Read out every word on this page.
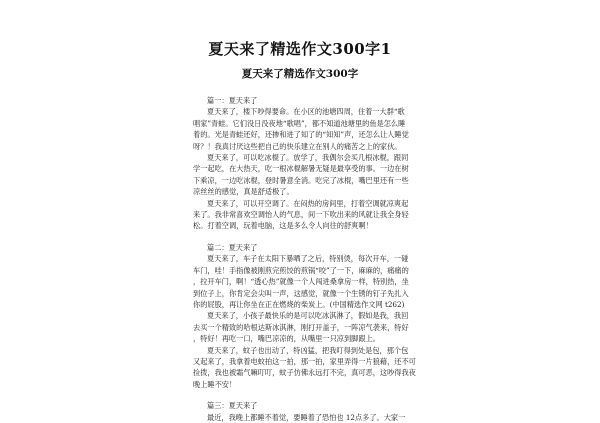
夏天来了精选作文300字1
夏天来了精选作文300字
篇一：夏天来了
夏天来了，楼下吵得要命。在小区的池塘四周，住着一大群“歌
唱家”青蛙。它们没日没夜地“歌唱”，都不知道池塘里的鱼是怎么睡
着的。光是青蛙还好，还掺和进了知了的“知知”声，还怎么让人睡觉
呀？！我真讨厌这些把自己的快乐建立在别人的痛苦之上的家伙。
夏天来了，可以吃冰棍了。放学了，我偶尔会买几根冰棍，跟同
学一起吃，在大热天，吃一根冰棍解暑无疑是最享受的事。一边在树
下乘凉，一边吃冰棍，登时暑意全消。吃完了冰棍，嘴巴里还有一些
凉丝丝的感觉，真是舒适极了。
夏天来了，可以开空调了。在闷热的房间里，打着空调就凉爽起
来了。我非常喜欢空调怡人的气息，间一下吹出来的风就让我全身轻
松。打着空调，玩着电脑，这是多么令人向往的舒爽啊！
篇二：夏天来了
夏天来了，车子在太阳下暴晒了之后，特别烫，每次开车，一碰
车门，哇！手指像被刚煎完煎饺的煎锅“咬”了一下，麻麻的，痛痛的
，拉开车门，啊！“透心热”就像一个人闯进桑拿房一样，特别热，坐
到位子上，你肯定会尖叫一声，这感觉，就像一个生锈的钉子先扎入
你的屁股，再让你坐在正在燃烧的柴炭上。(中国精选作文网 t262)
夏天来了，小孩子最快乐的是可以吃冰淇淋了，假如是我，我回
去买一个精致的哈根达斯冰淇淋，刚打开盖子，一阵凉气袭来，特好
，特好！再吃一口，嘴巴凉凉的，从嘴里一只凉到脚跟上。
夏天来了，蚊子也出动了，特凶猛，把我叮得到处是包，那个包
又起来了，我拿着电蚊拍这一拍，那一拍，家里弄得一片狼藉，还不可
捡拨，我也被霜气嘛叮叮，蚊子仿佛永远打不完，真可恶，这吵得我夜
晚上睡不安！
篇三：夏天来了
最近，我晚上都睡不着觉，要睡着了恐怕也 12点多了。大家一
